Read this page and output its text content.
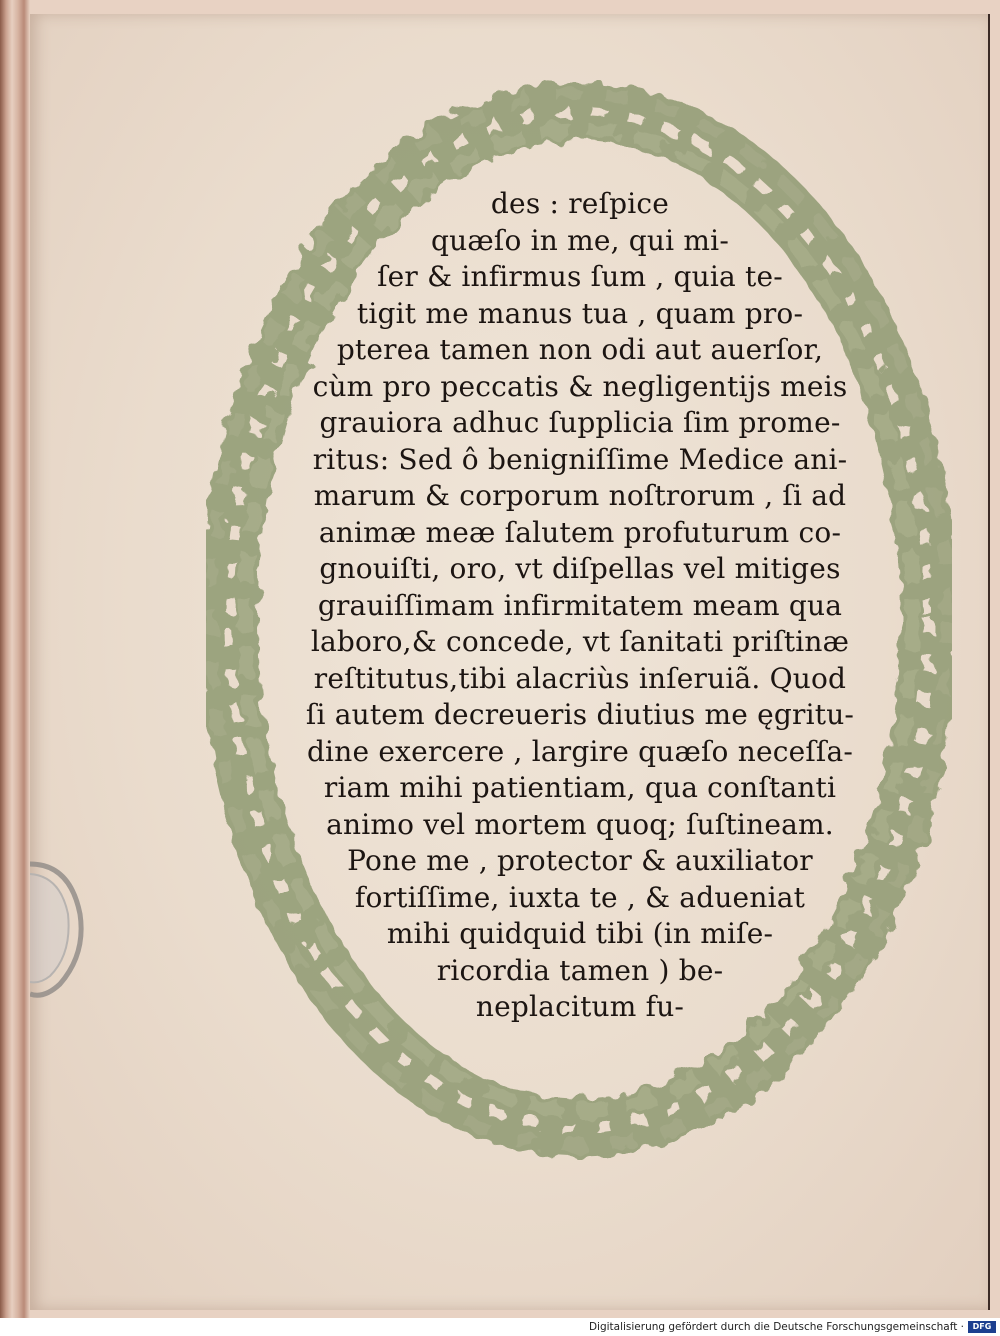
des : reſpice
quæſo in me, qui mi-
ſer & infirmus ſum , quia te-
tigit me manus tua , quam pro-
pterea tamen non odi aut auerſor,
cùm pro peccatis & negligentijs meis
grauiora adhuc ſupplicia ſim prome-
ritus: Sed ô benigniſſime Medice ani-
marum & corporum noſtrorum , ſi ad
animæ meæ ſalutem profuturum co-
gnouiſti, oro, vt diſpellas vel mitiges
grauiſſimam infirmitatem meam qua
laboro,& concede, vt ſanitati priſtinæ
reſtitutus,tibi alacriùs inſeruiã. Quod
ſi autem decreueris diutius me ęgritu-
dine exercere , largire quæſo neceſſa-
riam mihi patientiam, qua conſtanti
animo vel mortem quoq; ſuſtineam.
Pone me , protector & auxiliator
fortiſſime, iuxta te , & adueniat
mihi quidquid tibi (in miſe-
ricordia tamen ) be-
neplacitum fu-
Digitalisierung gefördert durch die Deutsche Forschungsgemeinschaft ·	DFG
